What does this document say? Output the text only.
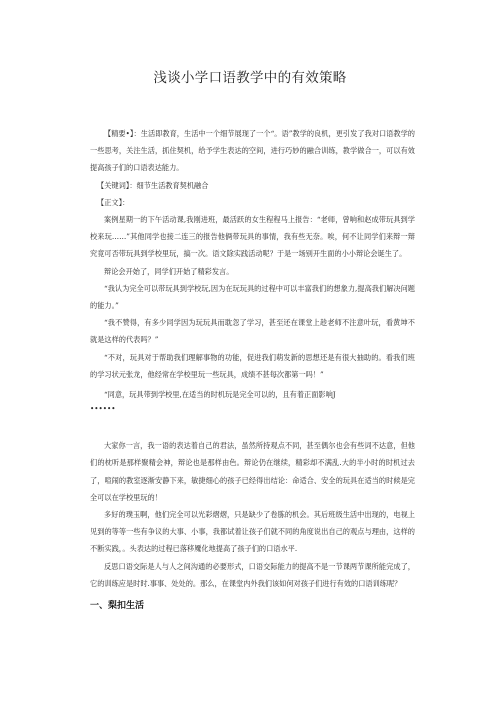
浅谈小学口语教学中的有效策略

【精要•】：生活即教育，生活中一个细节展现了一个“。语”教学的良机，更引发了我对口语教学的一些思考，关注生活，抓住契机，给予学生表达的空间，进行巧妙的融合训练，教学做合一，可以有效提高孩子们的口语表达能力。

【关键词】：细节生活教育契机融合

【正文】：

案例星期一的下午活动课,我刚进班，最活跃的女生程程马上报告：“老师，曾响和赵成带玩具到学校来玩……”其他同学也接二连三的报告他俩带玩具的事情，我有些无奈。唉，何不让同学们来辩一辩究竟可否带玩具到学校里玩，搞一次。语文除实践活动呢？于是一场别开生面的小小辩论会诞生了。

辩论会开始了，同学们开始了精彩发言。

“我认为完全可以带玩具到学校玩,因为在玩玩具的过程中可以丰富我们的想象力,提高我们解决问题的能力。”

“我不赞得，有多少同学因为玩玩具而耽忽了学习，甚至还在课堂上趁老师不注意叶玩，看黄坤不就是这样的代表吗？”

“不对，玩具对于帮助我们理解事物的功能，促进我们萌发新的思想还是有很大抽助的。看我们班的学习状元张龙，他经常在学校里玩一些玩具，成绩不甚每次都第一吗！”

“同意，玩具带到学校里,在适当的时机玩是完全可以的，且有着正面影响J

••••••

大家你一言，我一语的表达着自己的君法，虽然所持观点不同，甚至偶尔也会有些词不达意，但他们的枕听是那样聚精会神，辩论也是那样由色。辩论仍在继续，精彩却不满乱.大的半小时的时机过去了，喧闹的教室逐渐安静下来，敏捷细心的孩子已经得出结论：命适合、安全的玩具在适当的时候是完全可以在学校里玩的！

多好的璞玉啊，他们完全可以光彩熠熠，只是缺少了卷胨的机会。其后班级生活中出现的，电视上见到的等等一些有争议的大事、小事，我都试着让孩子们就不同的角度说出自己的观点与理由，这样的不断实践，。头表达的过程已落移魇化地提高了孩子们的口语水平.

反思口语交际是人与人之间沟通的必要形式，口语交际能力的提高不是一节课两节课所能完成了，它的训练应是时时.事事、处处的。那么，在课堂内外我们该如何对孩子们进行有效的口语训练呢？

一、梨扣生活
